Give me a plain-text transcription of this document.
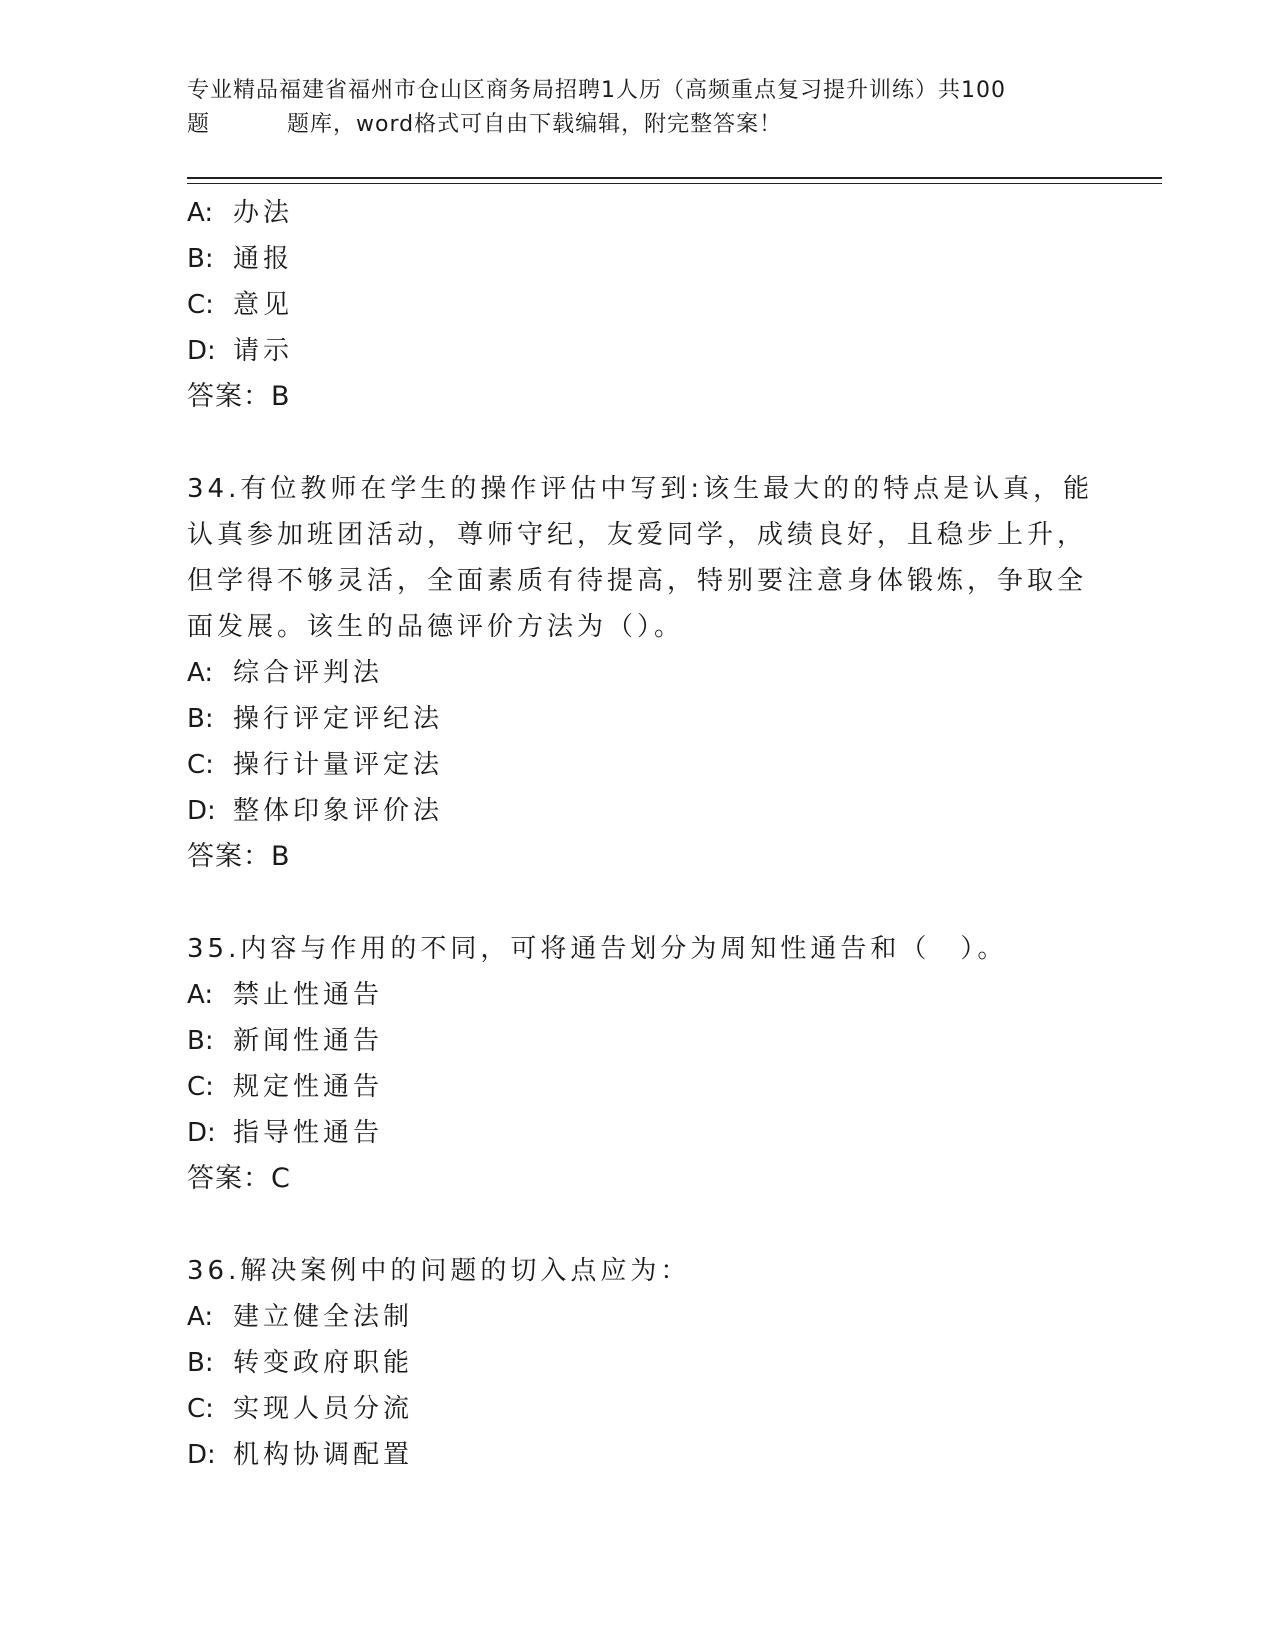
专业精品福建省福州市仓山区商务局招聘1人历（高频重点复习提升训练）共100
题	题库，word格式可自由下载编辑，附完整答案！
A: 办法
B: 通报
C: 意见
D: 请示
答案：B
34.有位教师在学生的操作评估中写到:该生最大的的特点是认真，能
认真参加班团活动，尊师守纪，友爱同学，成绩良好，且稳步上升，
但学得不够灵活，全面素质有待提高，特别要注意身体锻炼，争取全
面发展。该生的品德评价方法为（）。
A: 综合评判法
B: 操行评定评纪法
C: 操行计量评定法
D: 整体印象评价法
答案：B
35.内容与作用的不同，可将通告划分为周知性通告和（　）。
A: 禁止性通告
B: 新闻性通告
C: 规定性通告
D: 指导性通告
答案：C
36.解决案例中的问题的切入点应为：
A: 建立健全法制
B: 转变政府职能
C: 实现人员分流
D: 机构协调配置
